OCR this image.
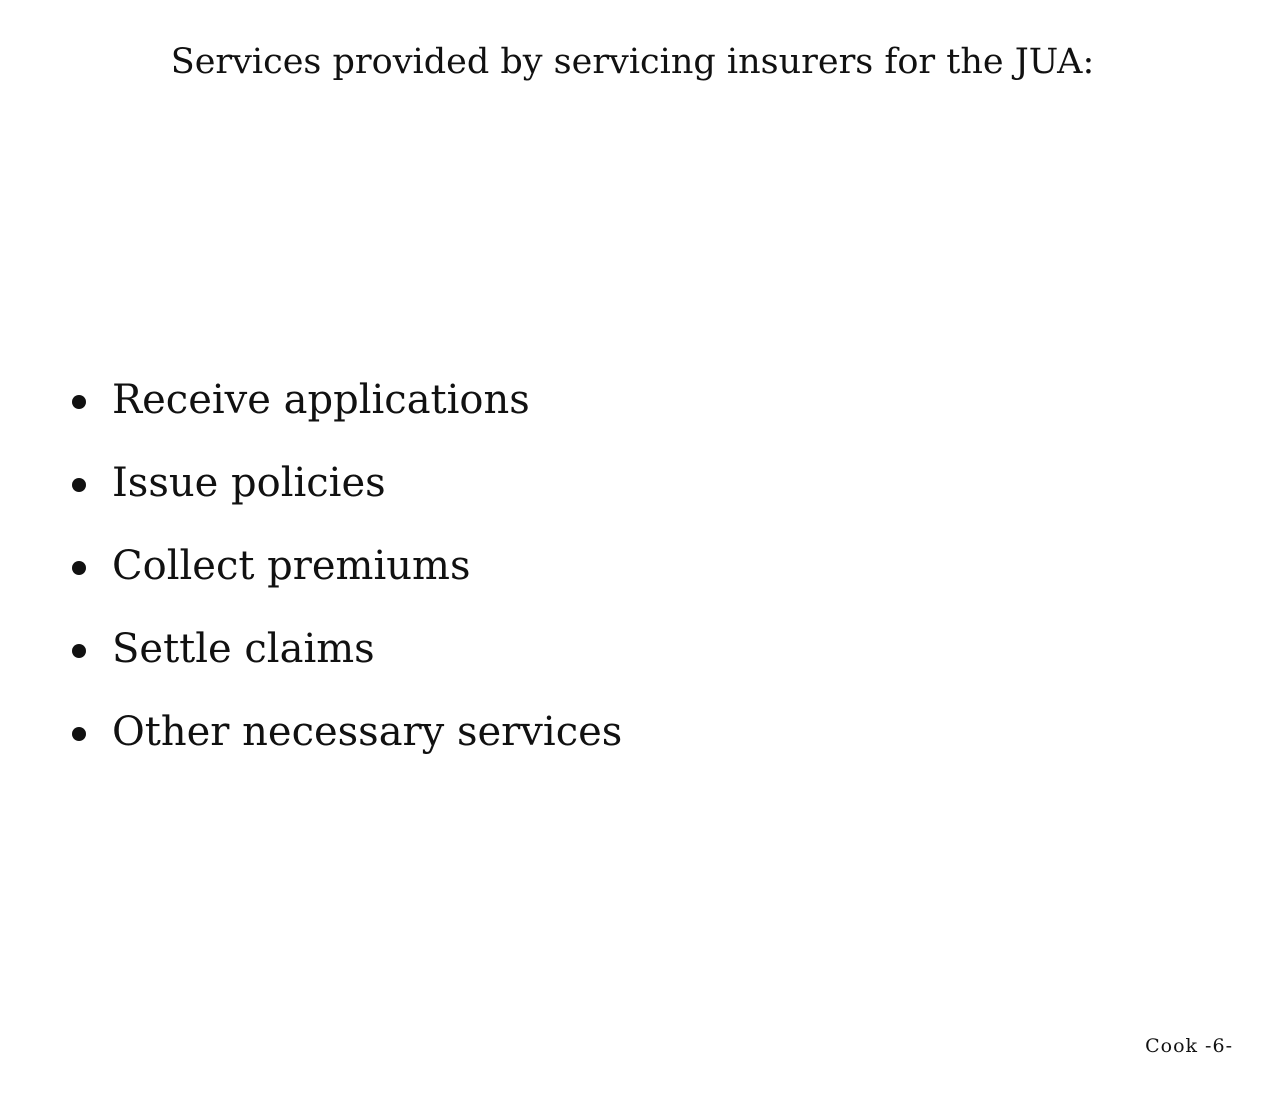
Services provided by servicing insurers for the JUA:
Receive applications
Issue policies
Collect premiums
Settle claims
Other necessary services
Cook -6-
